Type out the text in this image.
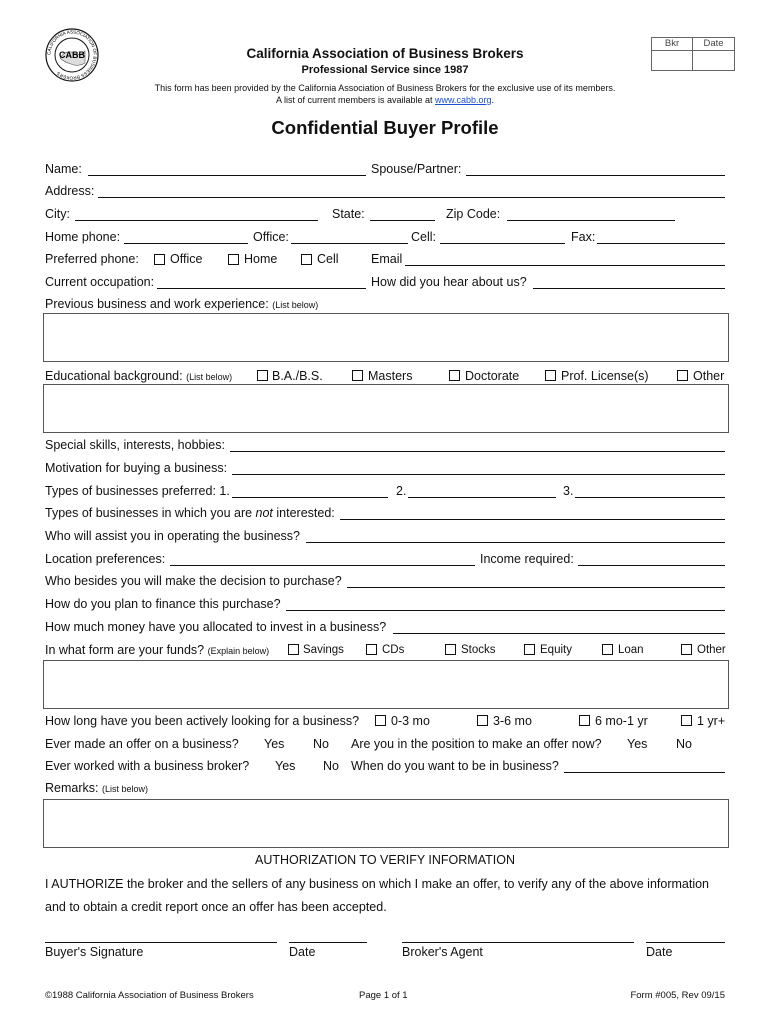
CABB
CALIFORNIA ASSOCIATION OF BUSINESS BROKERS
California Association of Business Brokers
Professional Service since 1987
This form has been provided by the California Association of Business Brokers for the exclusive use of its members.
A list of current members is available at www.cabb.org.
Bkr	Date
Confidential Buyer Profile
Name:	Spouse/Partner:
Address:
City:	State:	Zip Code:
Home phone:	Office:	Cell:	Fax:
Preferred phone: Office	Home	Cell	Email
Current occupation:	How did you hear about us?
Previous business and work experience: (List below)
Educational background: (List below)	B.A./B.S.	Masters	Doctorate	Prof. License(s)	Other
Special skills, interests, hobbies:
Motivation for buying a business:
Types of businesses preferred: 1.	2.	3.
Types of businesses in which you are not interested:
Who will assist you in operating the business?
Location preferences:	Income required:
Who besides you will make the decision to purchase?
How do you plan to finance this purchase?
How much money have you allocated to invest in a business?
In what form are your funds? (Explain below)	Savings	CDs	Stocks	Equity	Loan	Other
How long have you been actively looking for a business?	0-3 mo	3-6 mo	6 mo-1 yr	1 yr+
Ever made an offer on a business? Yes No Are you in the position to make an offer now? Yes No
Ever worked with a business broker? Yes No When do you want to be in business?
Remarks: (List below)
AUTHORIZATION TO VERIFY INFORMATION
I AUTHORIZE the broker and the sellers of any business on which I make an offer, to verify any of the above information
and to obtain a credit report once an offer has been accepted.
Buyer's Signature	Date	Broker's Agent	Date
©1988 California Association of Business Brokers	Page 1 of 1	Form #005, Rev 09/15
